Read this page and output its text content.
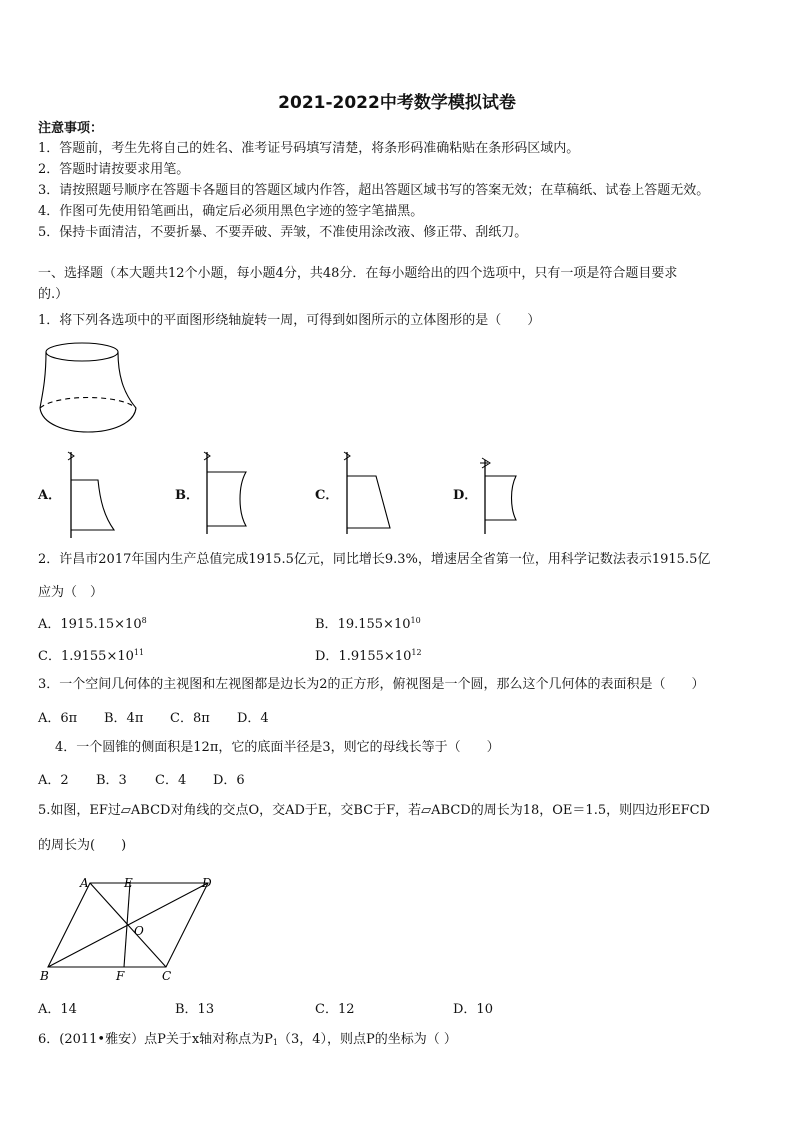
2021-2022中考数学模拟试卷
注意事项：
1．答题前，考生先将自己的姓名、准考证号码填写清楚，将条形码准确粘贴在条形码区域内。
2．答题时请按要求用笔。
3．请按照题号顺序在答题卡各题目的答题区域内作答，超出答题区域书写的答案无效；在草稿纸、试卷上答题无效。
4．作图可先使用铅笔画出，确定后必须用黑色字迹的签字笔描黑。
5．保持卡面清洁，不要折暴、不要弄破、弄皱，不准使用涂改液、修正带、刮纸刀。
一、选择题（本大题共12个小题，每小题4分，共48分．在每小题给出的四个选项中，只有一项是符合题目要求
的.）
1．将下列各选项中的平面图形绕轴旋转一周，可得到如图所示的立体图形的是（　　）
A．	B．	C．	D．
2．许昌市2017年国内生产总值完成1915.5亿元，同比增长9.3%，增速居全省第一位，用科学记数法表示1915.5亿
应为（　）
A．$1915.15\times 10^8$	B．$19.155\times 10^{10}$
C．$1.9155\times 10^{11}$	D．$1.9155\times 10^{12}$
3．一个空间几何体的主视图和左视图都是边长为2的正方形，俯视图是一个圆，那么这个几何体的表面积是（　　）
A．6π B．4π C．8π D．4
4．一个圆锥的侧面积是12π，它的底面半径是3，则它的母线长等于（　　）
A．2 B．3 C．4 D．6
5.如图，EF过▱ABCD对角线的交点O，交AD于E，交BC于F，若▱ABCD的周长为18，OE＝1.5，则四边形EFCD
的周长为(　　)
A	E	D
O
B	F	C
A．14	B．13	C．12	D．10
6．(2011•雅安）点P关于x轴对称点为$P_1(3$，4），则点P的坐标为（ ）
